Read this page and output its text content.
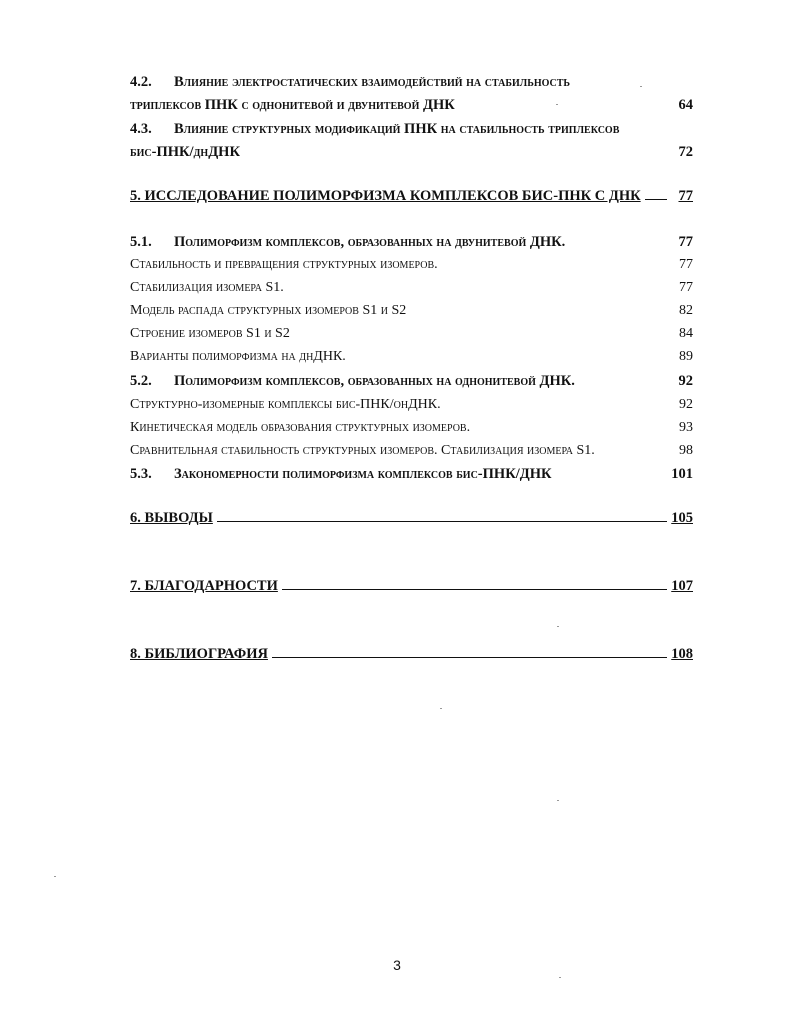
4.2.	Влияние электростатических взаимодействий на стабильность
триплексов ПНК с однонитевой и двунитевой ДНК	64
4.3.	Влияние структурных модификаций ПНК на стабильность триплексов
бис-ПНК/днДНК	72
5. ИССЛЕДОВАНИЕ ПОЛИМОРФИЗМА КОМПЛЕКСОВ БИС-ПНК С ДНК	77
5.1.	Полиморфизм комплексов, образованных на двунитевой ДНК.	77
Стабильность и превращения структурных изомеров.	77
Стабилизация изомера S1.	77
Модель распада структурных изомеров S1 и S2	82
Строение изомеров S1 и S2	84
Варианты полиморфизма на днДНК.	89
5.2.	Полиморфизм комплексов, образованных на однонитевой ДНК.	92
Структурно-изомерные комплексы бис-ПНК/онДНК.	92
Кинетическая модель образования структурных изомеров.	93
Сравнительная стабильность структурных изомеров. Стабилизация изомера S1.	98
5.3.	Закономерности полиморфизма комплексов бис-ПНК/ДНК	101
6. ВЫВОДЫ	105
7. БЛАГОДАРНОСТИ	107
8. БИБЛИОГРАФИЯ	108
3
